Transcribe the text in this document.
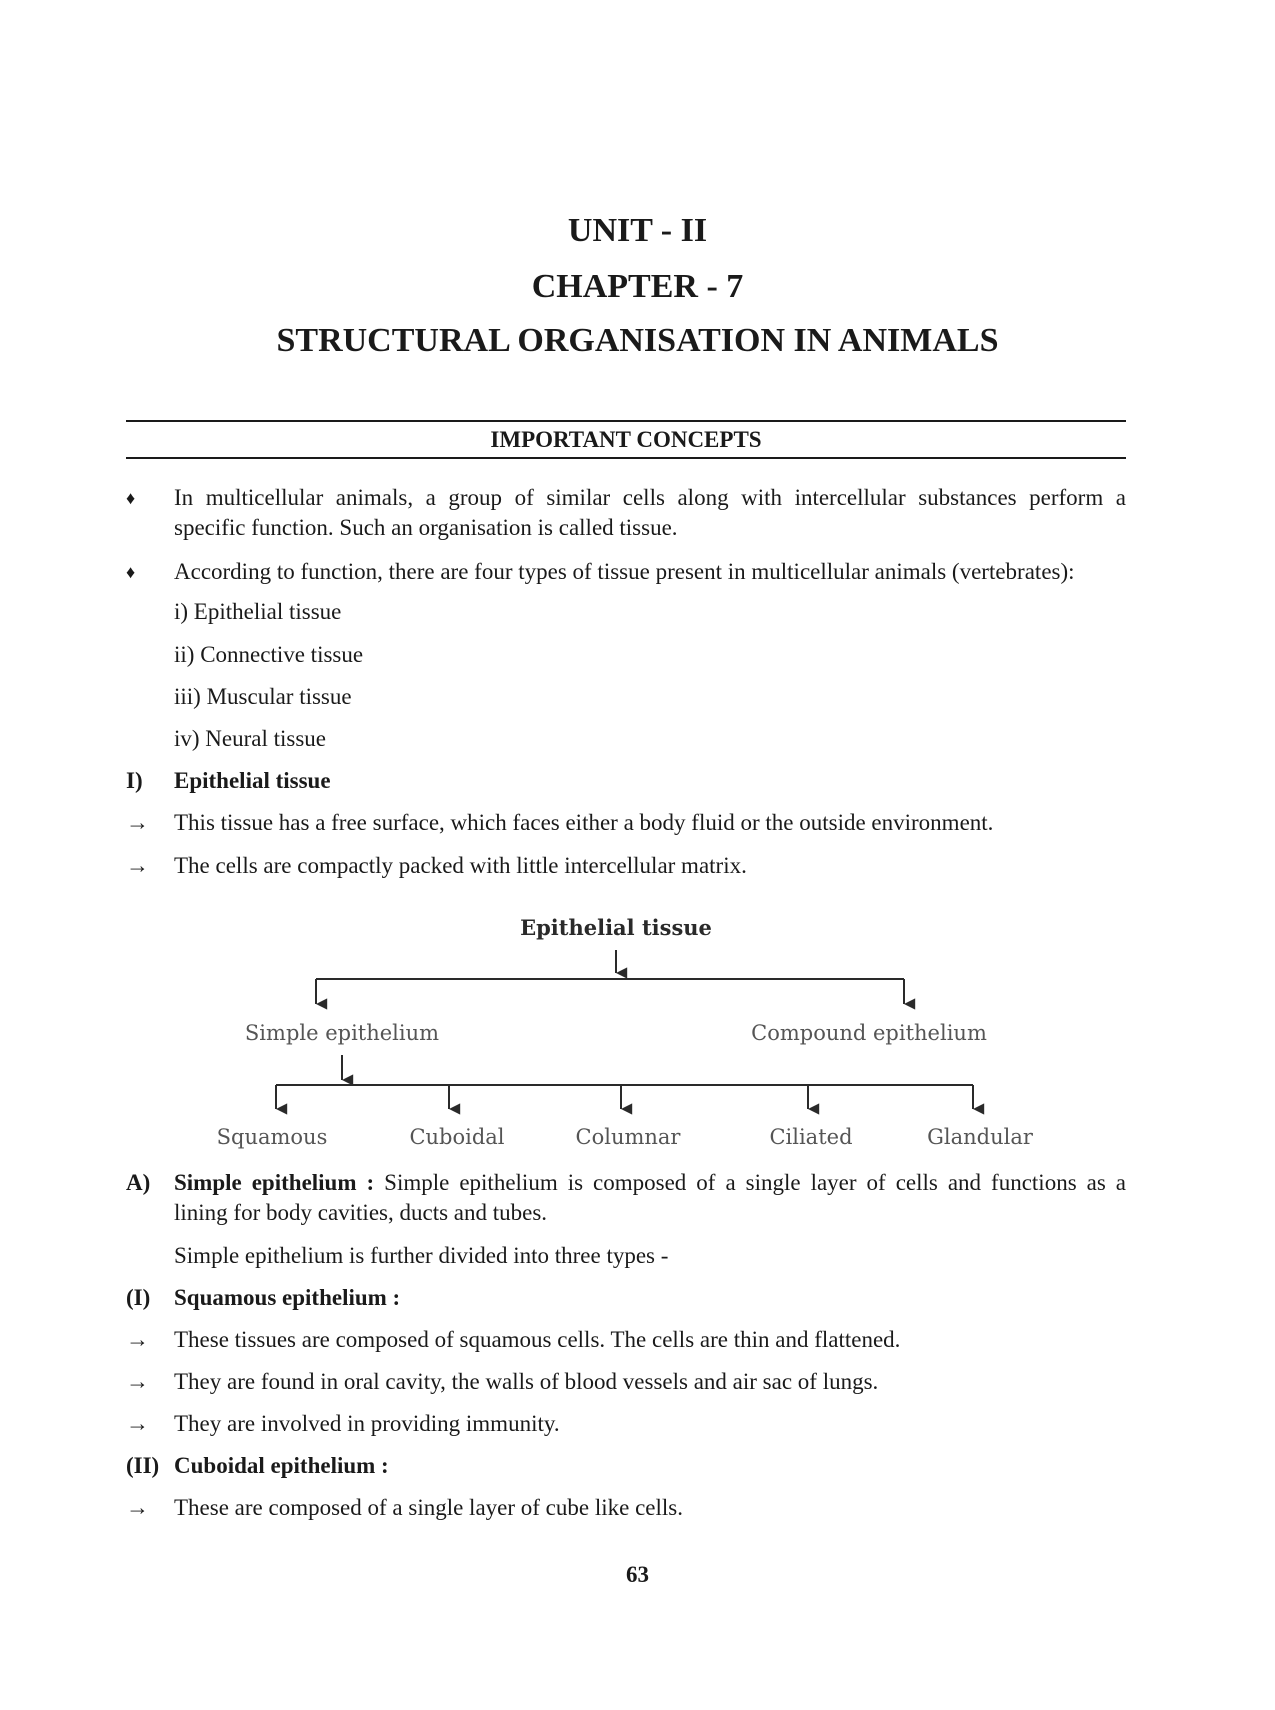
UNIT - II
CHAPTER - 7
STRUCTURAL ORGANISATION IN ANIMALS
IMPORTANT CONCEPTS
♦	In multicellular animals, a group of similar cells along with intercellular substances perform a
specific function. Such an organisation is called tissue.
♦	According to function, there are four types of tissue present in multicellular animals (vertebrates):
i) Epithelial tissue
ii) Connective tissue
iii) Muscular tissue
iv) Neural tissue
I)	Epithelial tissue
→	This tissue has a free surface, which faces either a body fluid or the outside environment.
→	The cells are compactly packed with little intercellular matrix.
Epithelial tissue
Simple epithelium	Compound epithelium
Squamous	Cuboidal	Columnar	Ciliated	Glandular
A)	Simple epithelium : Simple epithelium is composed of a single layer of cells and functions as a
lining for body cavities, ducts and tubes.
Simple epithelium is further divided into three types -
(I)	Squamous epithelium :
→	These tissues are composed of squamous cells. The cells are thin and flattened.
→	They are found in oral cavity, the walls of blood vessels and air sac of lungs.
→	They are involved in providing immunity.
(II) Cuboidal epithelium :
→	These are composed of a single layer of cube like cells.
63
